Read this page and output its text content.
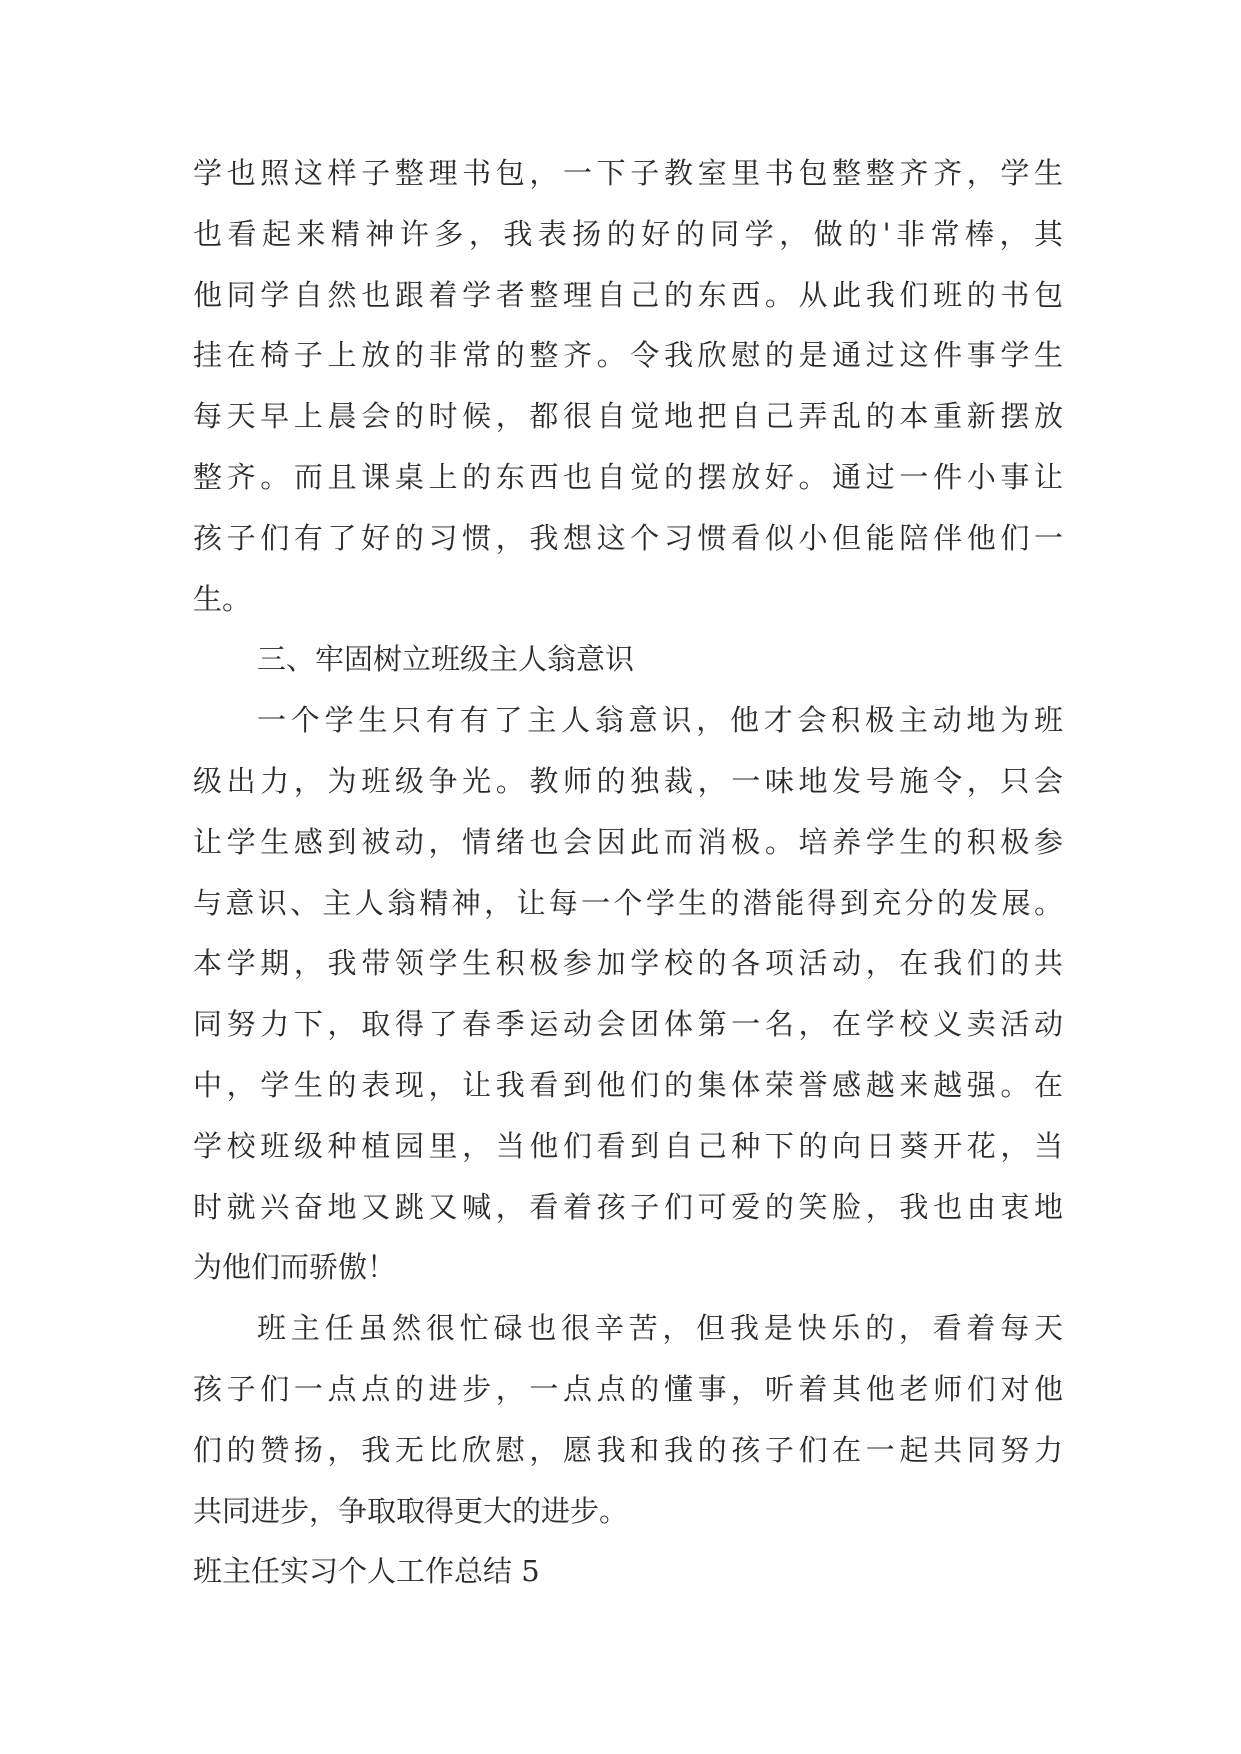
学也照这样子整理书包，一下子教室里书包整整齐齐，学生
也看起来精神许多，我表扬的好的同学，做的'非常棒，其
他同学自然也跟着学者整理自己的东西。从此我们班的书包
挂在椅子上放的非常的整齐。令我欣慰的是通过这件事学生
每天早上晨会的时候，都很自觉地把自己弄乱的本重新摆放
整齐。而且课桌上的东西也自觉的摆放好。通过一件小事让
孩子们有了好的习惯，我想这个习惯看似小但能陪伴他们一
生。
三、牢固树立班级主人翁意识
一个学生只有有了主人翁意识，他才会积极主动地为班
级出力，为班级争光。教师的独裁，一味地发号施令，只会
让学生感到被动，情绪也会因此而消极。培养学生的积极参
与意识、主人翁精神，让每一个学生的潜能得到充分的发展。
本学期，我带领学生积极参加学校的各项活动，在我们的共
同努力下，取得了春季运动会团体第一名，在学校义卖活动
中，学生的表现，让我看到他们的集体荣誉感越来越强。在
学校班级种植园里，当他们看到自己种下的向日葵开花，当
时就兴奋地又跳又喊，看着孩子们可爱的笑脸，我也由衷地
为他们而骄傲！
班主任虽然很忙碌也很辛苦，但我是快乐的，看着每天
孩子们一点点的进步，一点点的懂事，听着其他老师们对他
们的赞扬，我无比欣慰，愿我和我的孩子们在一起共同努力
共同进步，争取取得更大的进步。
班主任实习个人工作总结 5
